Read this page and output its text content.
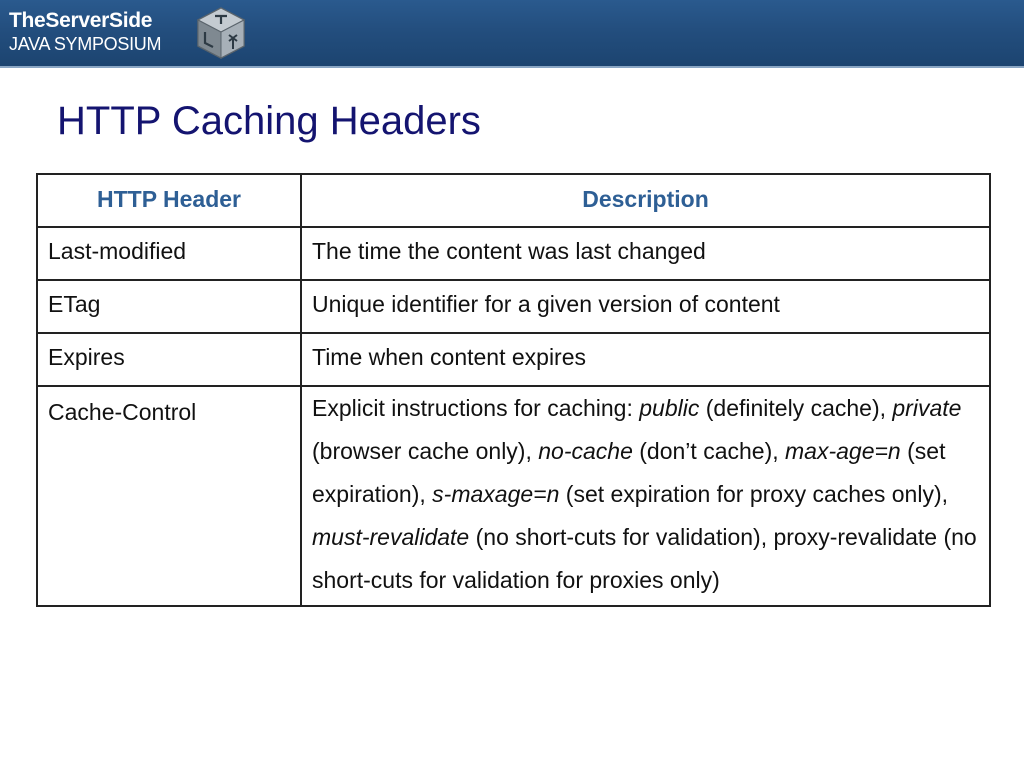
TheServerSide
JAVA SYMPOSIUM
HTTP Caching Headers
HTTP Header	Description
Last-modified	The time the content was last changed
ETag	Unique identifier for a given version of content
Expires	Time when content expires
Cache-Control	Explicit instructions for caching: public (definitely cache), private (browser cache only), no-cache (don’t cache), max-age=n (set expiration), s-maxage=n (set expiration for proxy caches only), must-revalidate (no short-cuts for validation), proxy-revalidate (no short-cuts for validation for proxies only)
